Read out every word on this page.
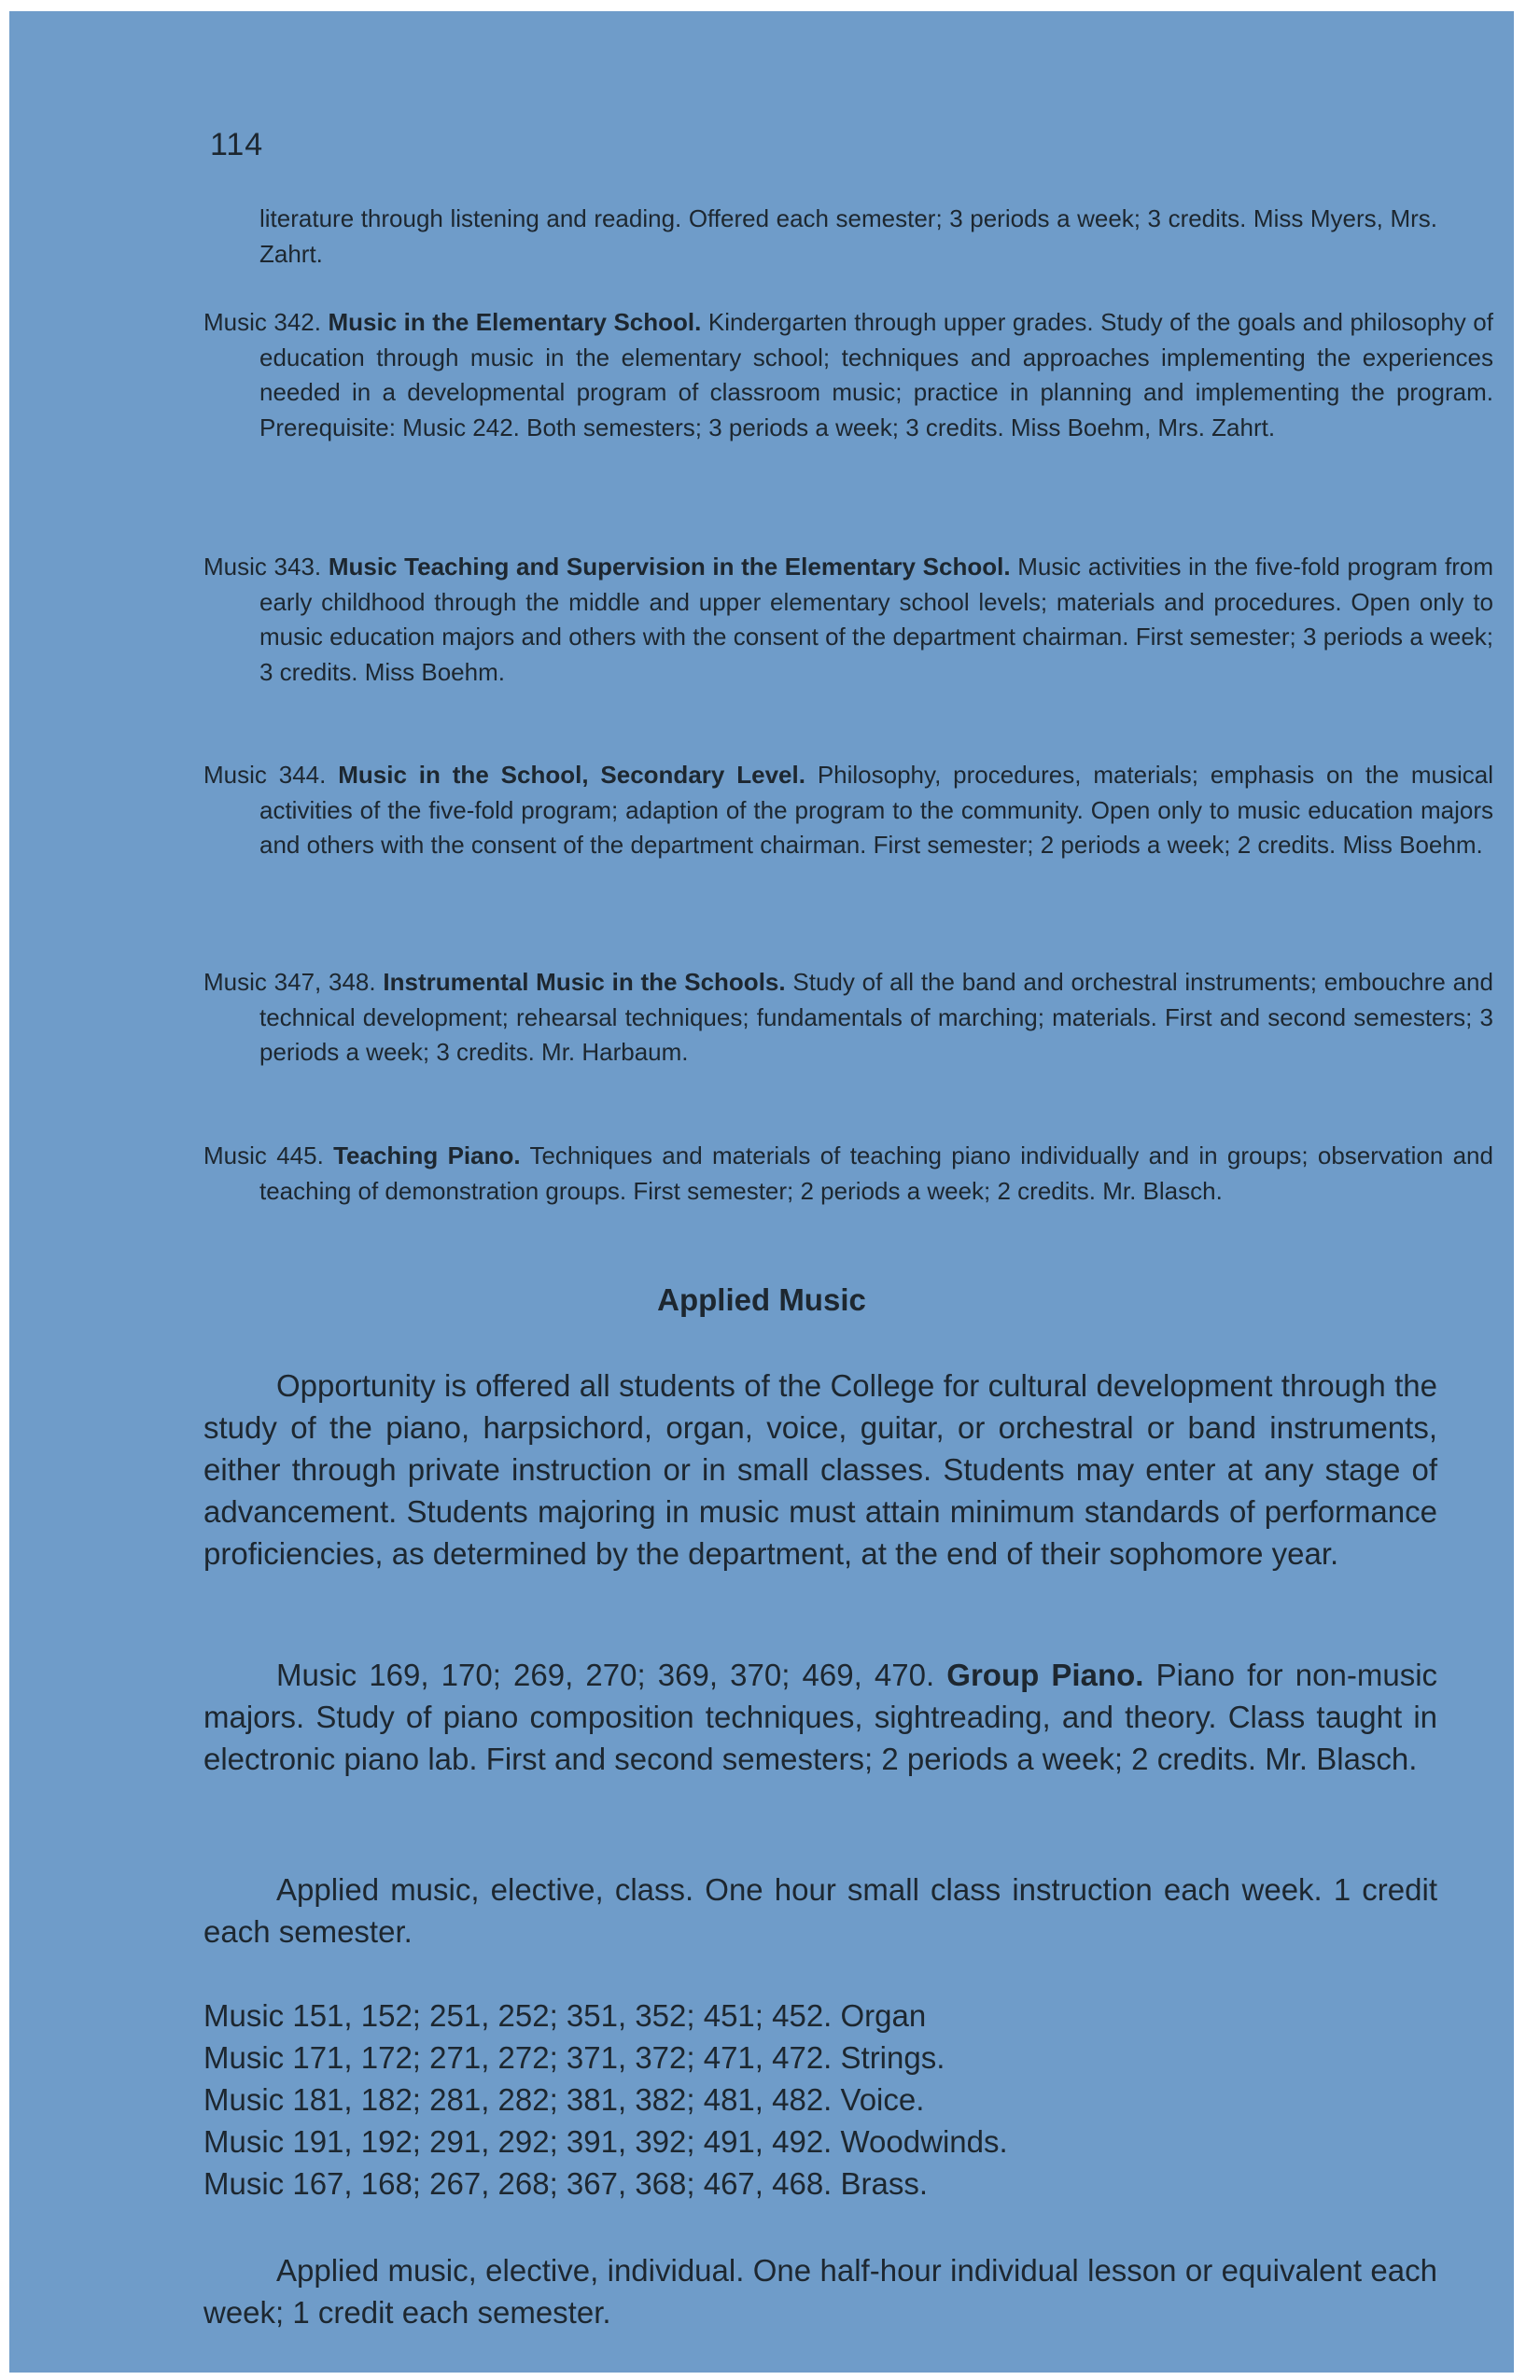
114
literature through listening and reading. Offered each semester; 3 periods a week; 3 credits. Miss Myers, Mrs. Zahrt.
Music 342. Music in the Elementary School. Kindergarten through upper grades. Study of the goals and philosophy of education through music in the elementary school; techniques and approaches implementing the experiences needed in a developmental program of classroom music; practice in planning and implementing the program. Prerequisite: Music 242. Both semesters; 3 periods a week; 3 credits. Miss Boehm, Mrs. Zahrt.
Music 343. Music Teaching and Supervision in the Elementary School. Music activities in the five-fold program from early childhood through the middle and upper elementary school levels; materials and procedures. Open only to music education majors and others with the consent of the department chairman. First semester; 3 periods a week; 3 credits. Miss Boehm.
Music 344. Music in the School, Secondary Level. Philosophy, procedures, materials; emphasis on the musical activities of the five-fold program; adaption of the program to the community. Open only to music education majors and others with the consent of the department chairman. First semester; 2 periods a week; 2 credits. Miss Boehm.
Music 347, 348. Instrumental Music in the Schools. Study of all the band and orchestral instruments; embouchre and technical development; rehearsal techniques; fundamentals of marching; materials. First and second semesters; 3 periods a week; 3 credits. Mr. Harbaum.
Music 445. Teaching Piano. Techniques and materials of teaching piano individually and in groups; observation and teaching of demonstration groups. First semester; 2 periods a week; 2 credits. Mr. Blasch.
Applied Music
Opportunity is offered all students of the College for cultural development through the study of the piano, harpsichord, organ, voice, guitar, or orchestral or band instruments, either through private instruction or in small classes. Students may enter at any stage of advancement. Students majoring in music must attain minimum standards of performance proficiencies, as determined by the department, at the end of their sophomore year.
Music 169, 170; 269, 270; 369, 370; 469, 470. Group Piano. Piano for non-music majors. Study of piano composition techniques, sightreading, and theory. Class taught in electronic piano lab. First and second semesters; 2 periods a week; 2 credits. Mr. Blasch.
Applied music, elective, class. One hour small class instruction each week. 1 credit each semester.
Music 151, 152; 251, 252; 351, 352; 451; 452. Organ
Music 171, 172; 271, 272; 371, 372; 471, 472. Strings.
Music 181, 182; 281, 282; 381, 382; 481, 482. Voice.
Music 191, 192; 291, 292; 391, 392; 491, 492. Woodwinds.
Music 167, 168; 267, 268; 367, 368; 467, 468. Brass.
Applied music, elective, individual. One half-hour individual lesson or equivalent each week; 1 credit each semester.
